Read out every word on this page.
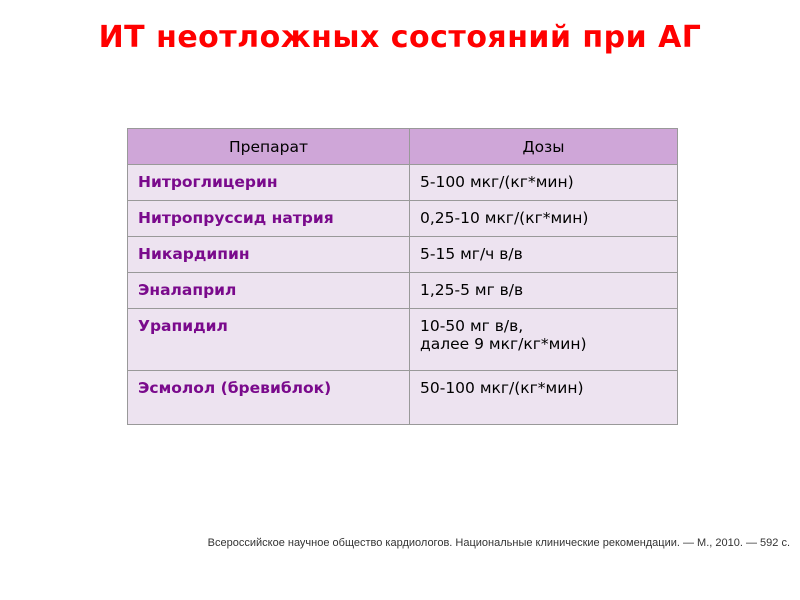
ИТ неотложных состояний при АГ
Препарат	Дозы
Нитроглицерин	5-100 мкг/(кг*мин)

Нитропруссид натрия	0,25-10 мкг/(кг*мин)

Никардипин	5-15 мг/ч в/в

Эналаприл	1,25-5 мг в/в

Урапидил	10-50 мг в/в,
далее 9 мкг/кг*мин)

Эсмолол (бревиблок)	50-100 мкг/(кг*мин)
Всероссийское научное общество кардиологов. Национальные клинические рекомендации. — М., 2010. — 592 с.
